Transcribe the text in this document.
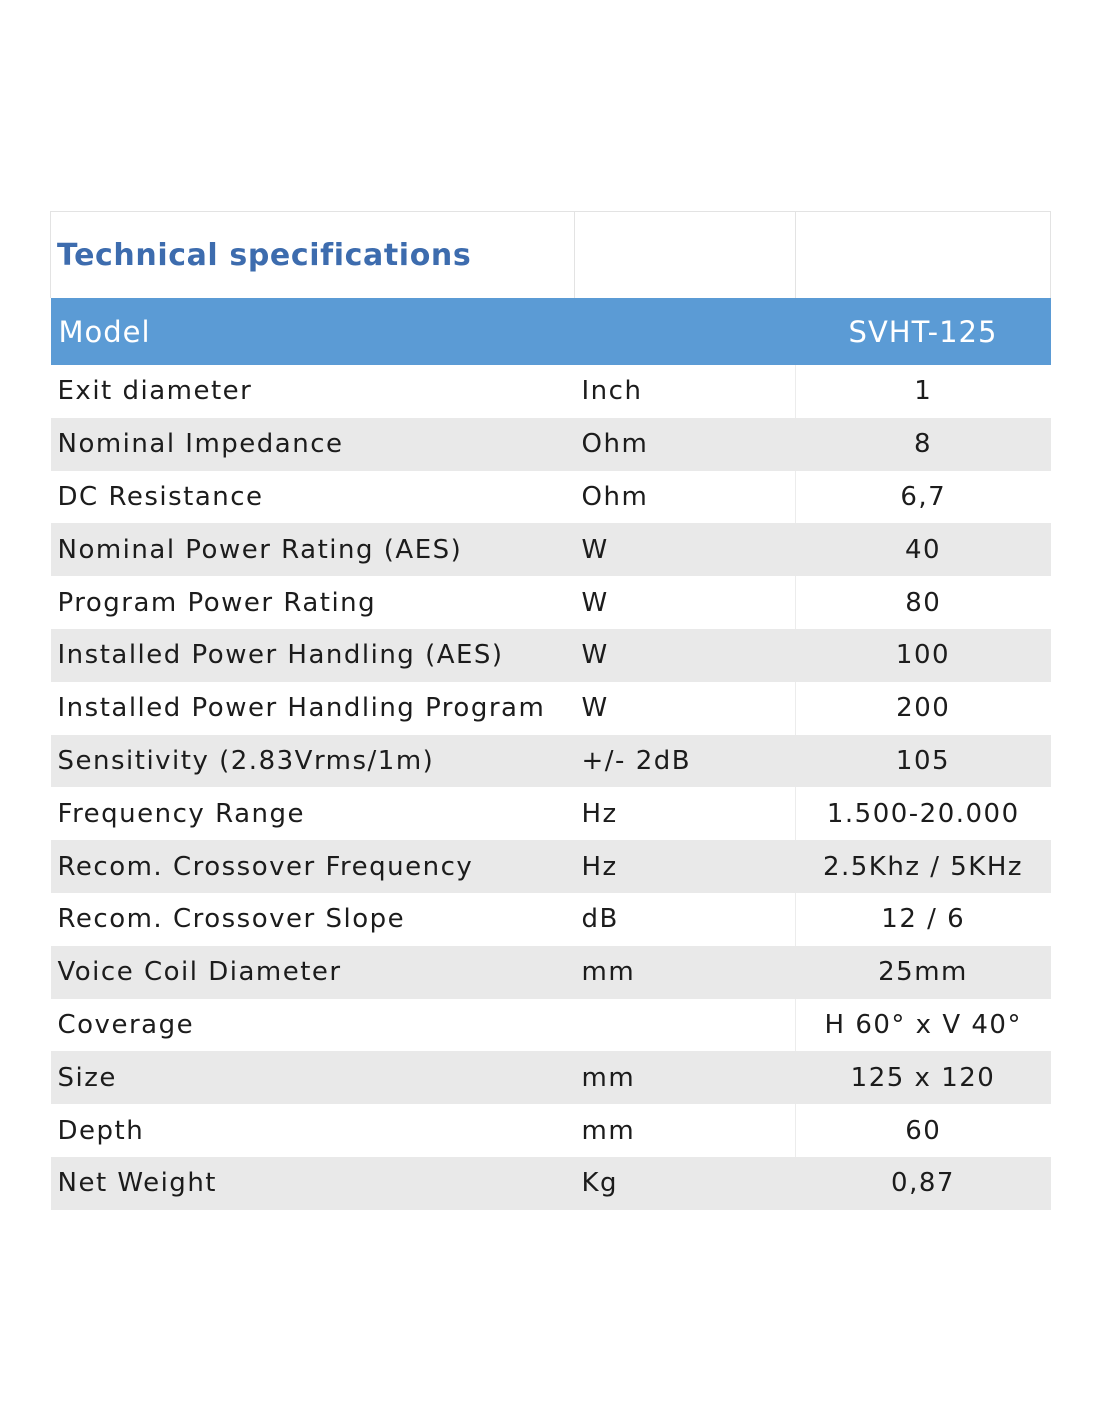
Technical specifications		
Model		SVHT-125
Exit diameter	Inch	1
Nominal Impedance	Ohm	8
DC Resistance	Ohm	6,7
Nominal Power Rating (AES)	W	40
Program Power Rating	W	80
Installed Power Handling (AES)	W	100
Installed Power Handling Program	W	200
Sensitivity (2.83Vrms/1m)	+/- 2dB	105
Frequency Range	Hz	1.500-20.000
Recom. Crossover Frequency	Hz	2.5Khz / 5KHz
Recom. Crossover Slope	dB	12 / 6
Voice Coil Diameter	mm	25mm
Coverage		H 60° x V 40°
Size	mm	125 x 120
Depth	mm	60
Net Weight	Kg	0,87
